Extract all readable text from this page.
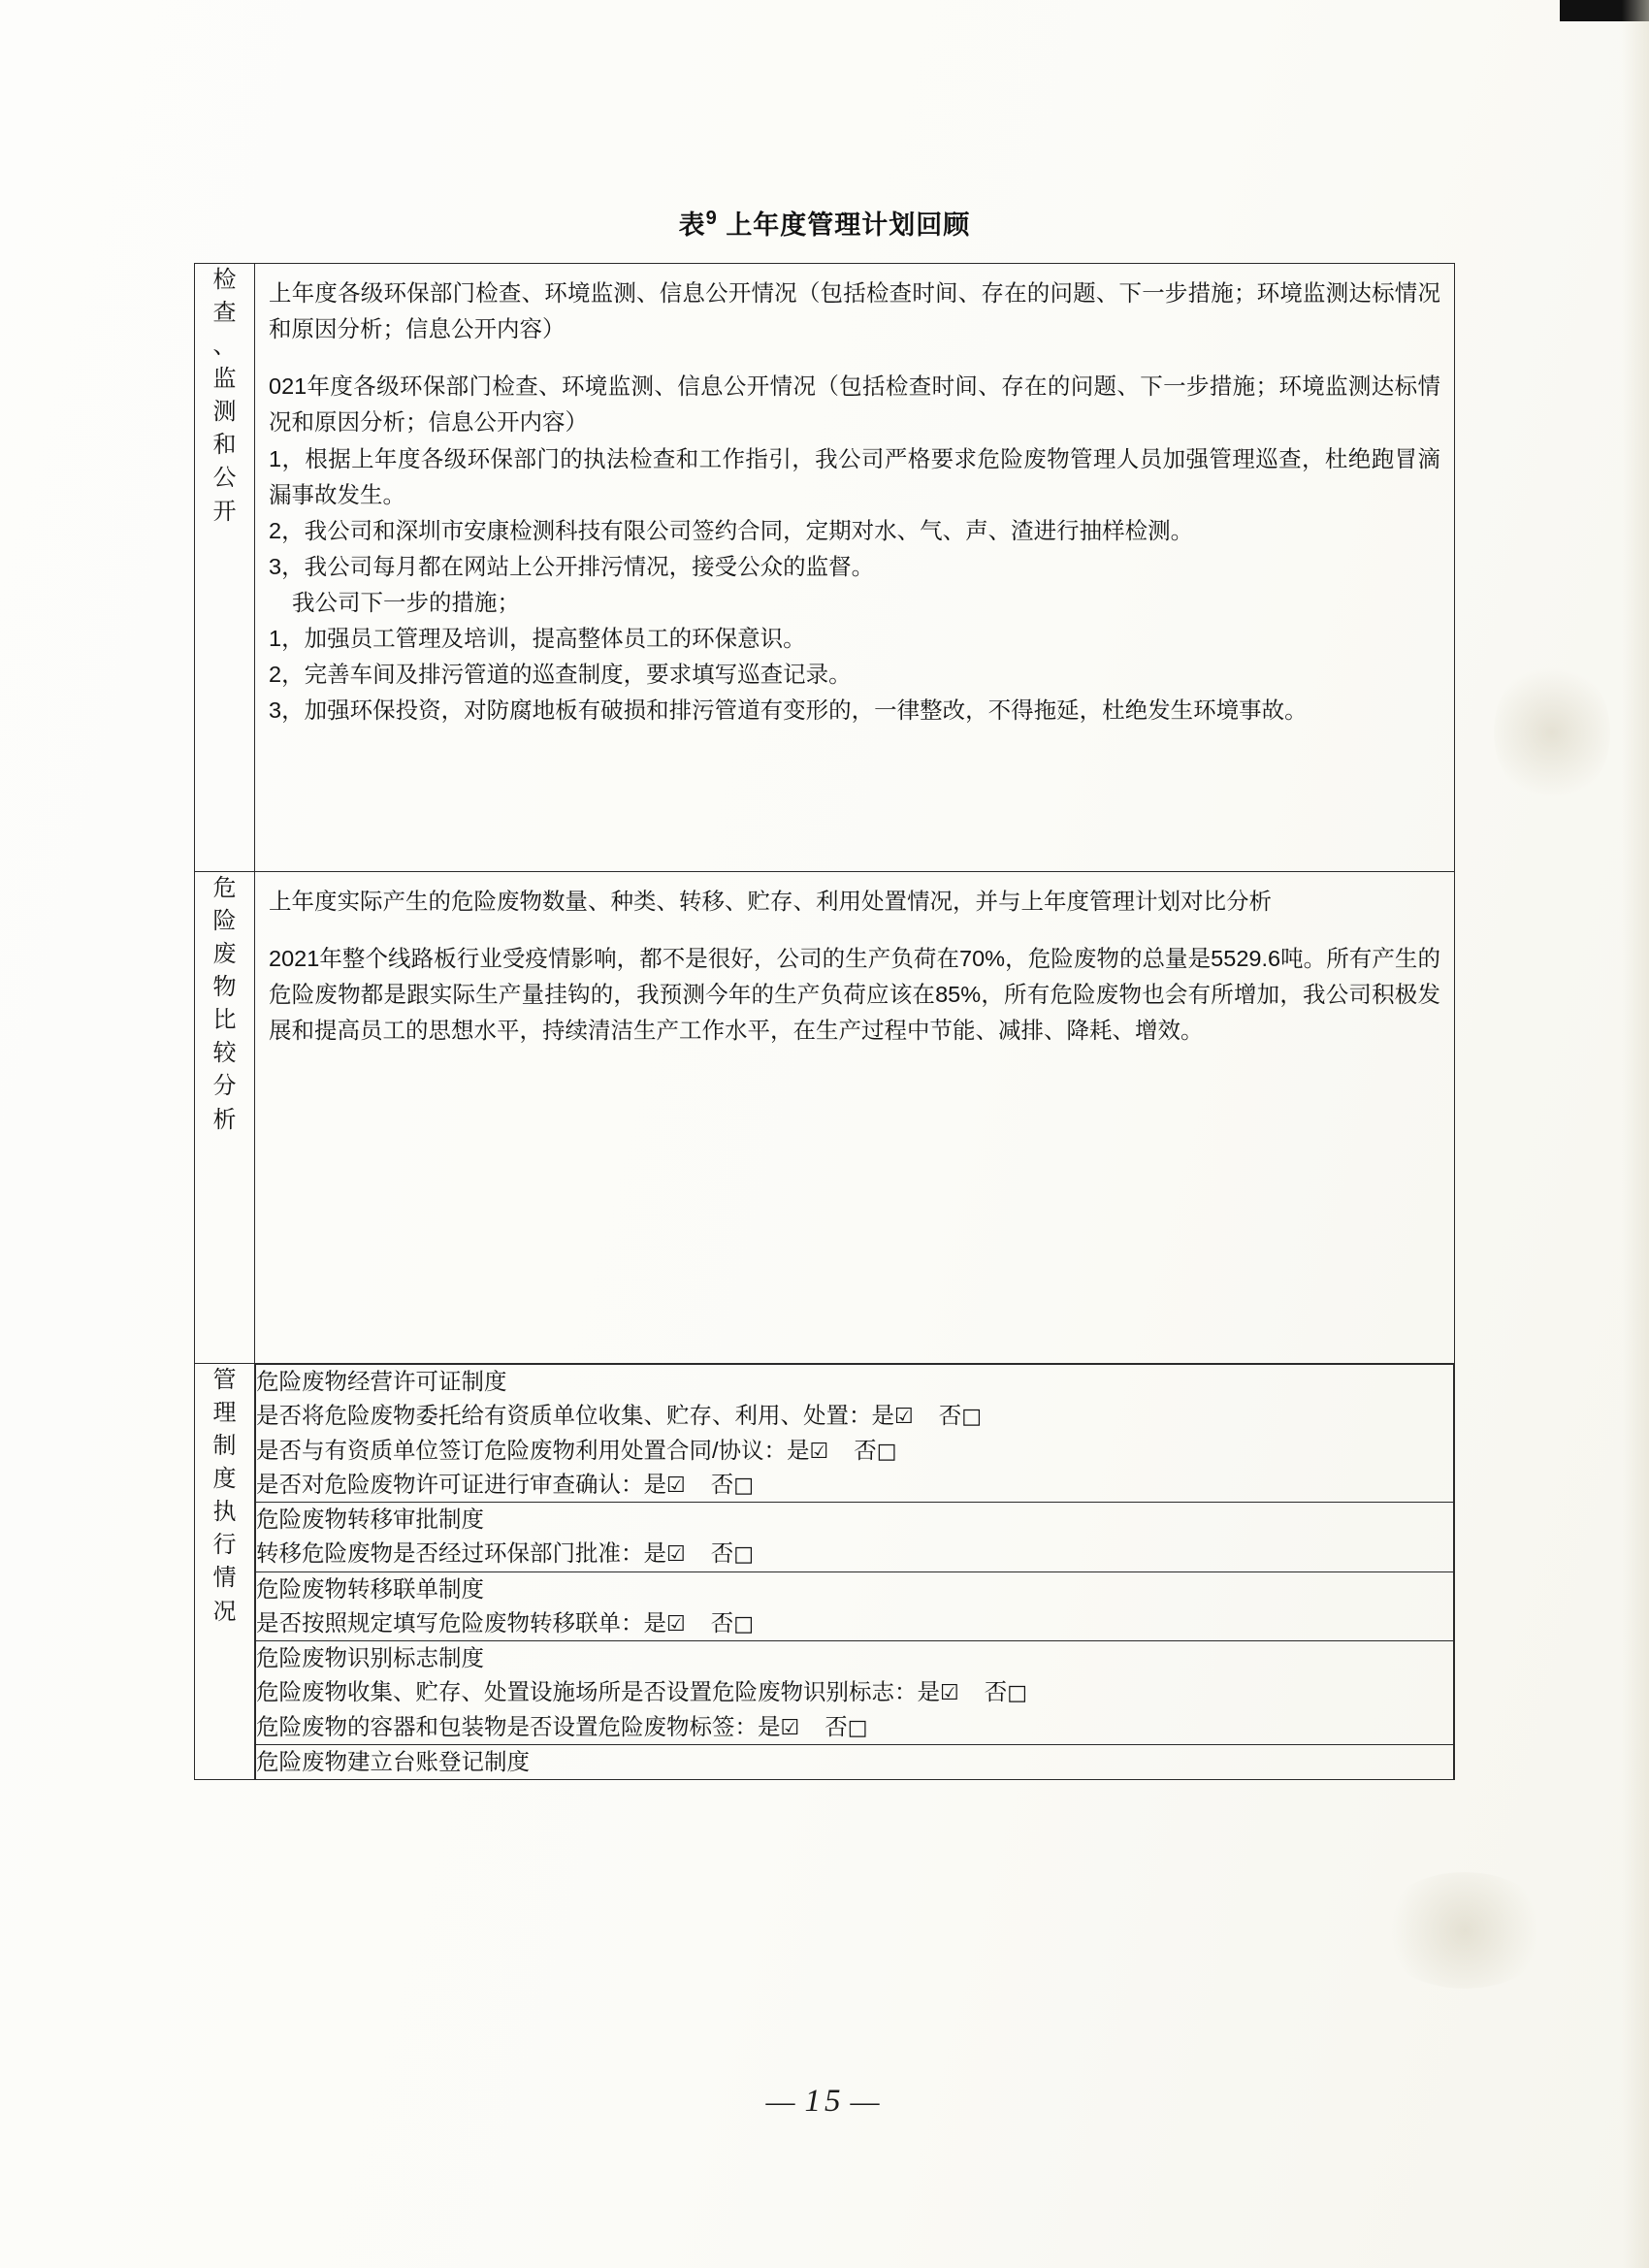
表$^9$ 上年度管理计划回顾
检
查
、
监
测
和
公
开

上年度各级环保部门检查、环境监测、信息公开情况（包括检查时间、存在的问题、下一步措施；环境监测达标情况和原因分析；信息公开内容）

021年度各级环保部门检查、环境监测、信息公开情况（包括检查时间、存在的问题、下一步措施；环境监测达标情况和原因分析；信息公开内容）

1，根据上年度各级环保部门的执法检查和工作指引，我公司严格要求危险废物管理人员加强管理巡查，杜绝跑冒滴漏事故发生。

2，我公司和深圳市安康检测科技有限公司签约合同，定期对水、气、声、渣进行抽样检测。

3，我公司每月都在网站上公开排污情况，接受公众的监督。

我公司下一步的措施；

1，加强员工管理及培训，提高整体员工的环保意识。

2，完善车间及排污管道的巡查制度，要求填写巡查记录。

3，加强环保投资，对防腐地板有破损和排污管道有变形的，一律整改，不得拖延，杜绝发生环境事故。

危
险
废
物
比
较
分
析

上年度实际产生的危险废物数量、种类、转移、贮存、利用处置情况，并与上年度管理计划对比分析

2021年整个线路板行业受疫情影响，都不是很好，公司的生产负荷在70%，危险废物的总量是5529.6吨。所有产生的危险废物都是跟实际生产量挂钩的，我预测今年的生产负荷应该在85%，所有危险废物也会有所增加，我公司积极发展和提高员工的思想水平，持续清洁生产工作水平，在生产过程中节能、减排、降耗、增效。

管
理
制
度
执
行
情
况

危险废物经营许可证制度
是否将危险废物委托给有资质单位收集、贮存、利用、处置：是☑ 否□
是否与有资质单位签订危险废物利用处置合同/协议：是☑ 否□
是否对危险废物许可证进行审查确认：是☑ 否□

危险废物转移审批制度
转移危险废物是否经过环保部门批准：是☑ 否□

危险废物转移联单制度
是否按照规定填写危险废物转移联单：是☑ 否□

危险废物识别标志制度
危险废物收集、贮存、处置设施场所是否设置危险废物识别标志：是☑ 否□
危险废物的容器和包装物是否设置危险废物标签：是☑ 否□

危险废物建立台账登记制度
— 15 —
